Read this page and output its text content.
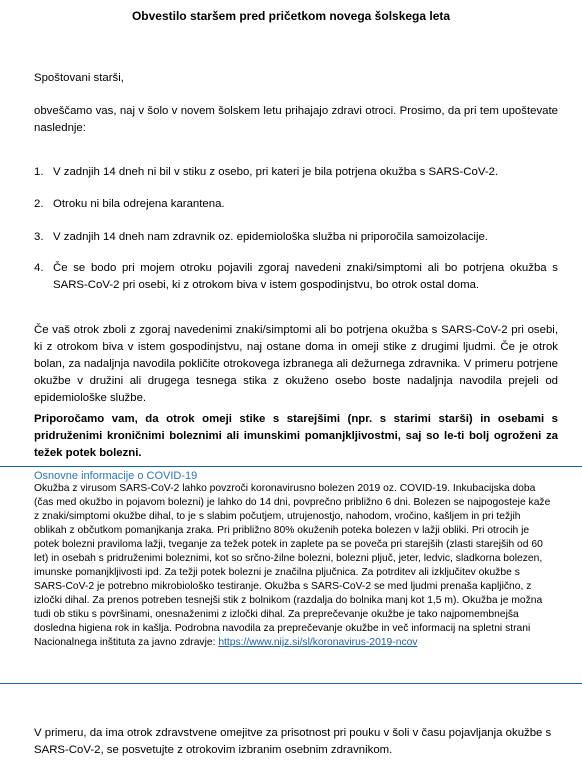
Obvestilo staršem pred pričetkom novega šolskega leta
Spoštovani starši,
obveščamo vas, naj v šolo v novem šolskem letu prihajajo zdravi otroci. Prosimo, da pri tem upoštevate naslednje:
1. V zadnjih 14 dneh ni bil v stiku z osebo, pri kateri je bila potrjena okužba s SARS-CoV-2.
2. Otroku ni bila odrejena karantena.
3. V zadnjih 14 dneh nam zdravnik oz. epidemiološka služba ni priporočila samoizolacije.
4. Če se bodo pri mojem otroku pojavili zgoraj navedeni znaki/simptomi ali bo potrjena okužba s SARS-CoV-2 pri osebi, ki z otrokom biva v istem gospodinjstvu, bo otrok ostal doma.
Če vaš otrok zboli z zgoraj navedenimi znaki/simptomi ali bo potrjena okužba s SARS-CoV-2 pri osebi, ki z otrokom biva v istem gospodinjstvu, naj ostane doma in omeji stike z drugimi ljudmi. Če je otrok bolan, za nadaljnja navodila pokličite otrokovega izbranega ali dežurnega zdravnika. V primeru potrjene okužbe v družini ali drugega tesnega stika z okuženo osebo boste nadaljnja navodila prejeli od epidemiološke službe.
Priporočamo vam, da otrok omeji stike s starejšimi (npr. s starimi starši) in osebami s pridruženimi kroničnimi boleznimi ali imunskimi pomanjkljivostmi, saj so le-ti bolj ogroženi za težek potek bolezni.
Osnovne informacije o COVID-19
Okužba z virusom SARS-CoV-2 lahko povzroči koronavirusno bolezen 2019 oz. COVID-19. Inkubacijska doba (čas med okužbo in pojavom bolezni) je lahko do 14 dni, povprečno približno 6 dni. Bolezen se najpogosteje kaže z znaki/simptomi okužbe dihal, to je s slabim počutjem, utrujenostjo, nahodom, vročino, kašljem in pri težjih oblikah z občutkom pomanjkanja zraka. Pri približno 80% okuženih poteka bolezen v lažji obliki. Pri otrocih je potek bolezni praviloma lažji, tveganje za težek potek in zaplete pa se poveča pri starejših (zlasti starejših od 60 let) in osebah s pridruženimi boleznimi, kot so srčno-žilne bolezni, bolezni pljuč, jeter, ledvic, sladkorna bolezen, imunske pomanjkljivosti ipd. Za težji potek bolezni je značilna pljučnica. Za potrditev ali izključitev okužbe s SARS-CoV-2 je potrebno mikrobiološko testiranje. Okužba s SARS-CoV-2 se med ljudmi prenaša kapljično, z izločki dihal. Za prenos potreben tesnejši stik z bolnikom (razdalja do bolnika manj kot 1,5 m). Okužba je možna tudi ob stiku s površinami, onesnaženimi z izločki dihal. Za preprečevanje okužbe je tako najpomembnejša dosledna higiena rok in kašlja. Podrobna navodila za preprečevanje okužbe in več informacij na spletni strani Nacionalnega inštituta za javno zdravje: https://www.nijz.si/sl/koronavirus-2019-ncov
V primeru, da ima otrok zdravstvene omejitve za prisotnost pri pouku v šoli v času pojavljanja okužbe s SARS-CoV-2, se posvetujte z otrokovim izbranim osebnim zdravnikom.
